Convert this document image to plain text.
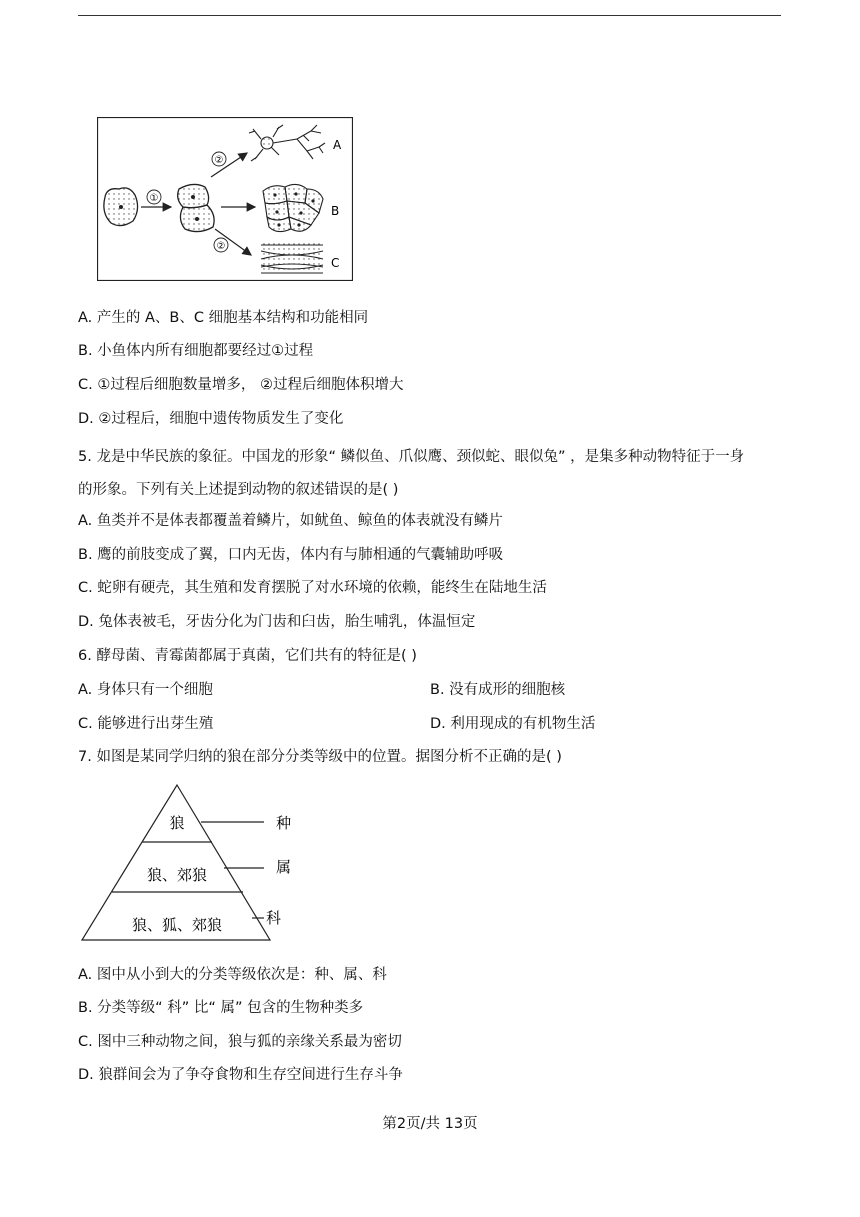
①
②
②
A
B
C
A. 产生的 A、B、C 细胞基本结构和功能相同
B. 小鱼体内所有细胞都要经过①过程
C. ①过程后细胞数量增多， ②过程后细胞体积增大
D. ②过程后，细胞中遗传物质发生了变化
5. 龙是中华民族的象征。中国龙的形象“ 鳞似鱼、爪似鹰、颈似蛇、眼似兔” ，是集多种动物特征于一身
的形象。下列有关上述提到动物的叙述错误的是( )
A. 鱼类并不是体表都覆盖着鳞片，如鱿鱼、鲸鱼的体表就没有鳞片
B. 鹰的前肢变成了翼，口内无齿，体内有与肺相通的气囊辅助呼吸
C. 蛇卵有硬壳，其生殖和发育摆脱了对水环境的依赖，能终生在陆地生活
D. 兔体表被毛，牙齿分化为门齿和臼齿，胎生哺乳，体温恒定
6. 酵母菌、青霉菌都属于真菌，它们共有的特征是( )
A. 身体只有一个细胞	B. 没有成形的细胞核
C. 能够进行出芽生殖	D. 利用现成的有机物生活
7. 如图是某同学归纳的狼在部分分类等级中的位置。据图分析不正确的是( )
狼
狼、郊狼
狼、狐、郊狼
种
属
科
A. 图中从小到大的分类等级依次是：种、属、科
B. 分类等级“ 科” 比“ 属” 包含的生物种类多
C. 图中三种动物之间，狼与狐的亲缘关系最为密切
D. 狼群间会为了争夺食物和生存空间进行生存斗争
第2页/共 13页
